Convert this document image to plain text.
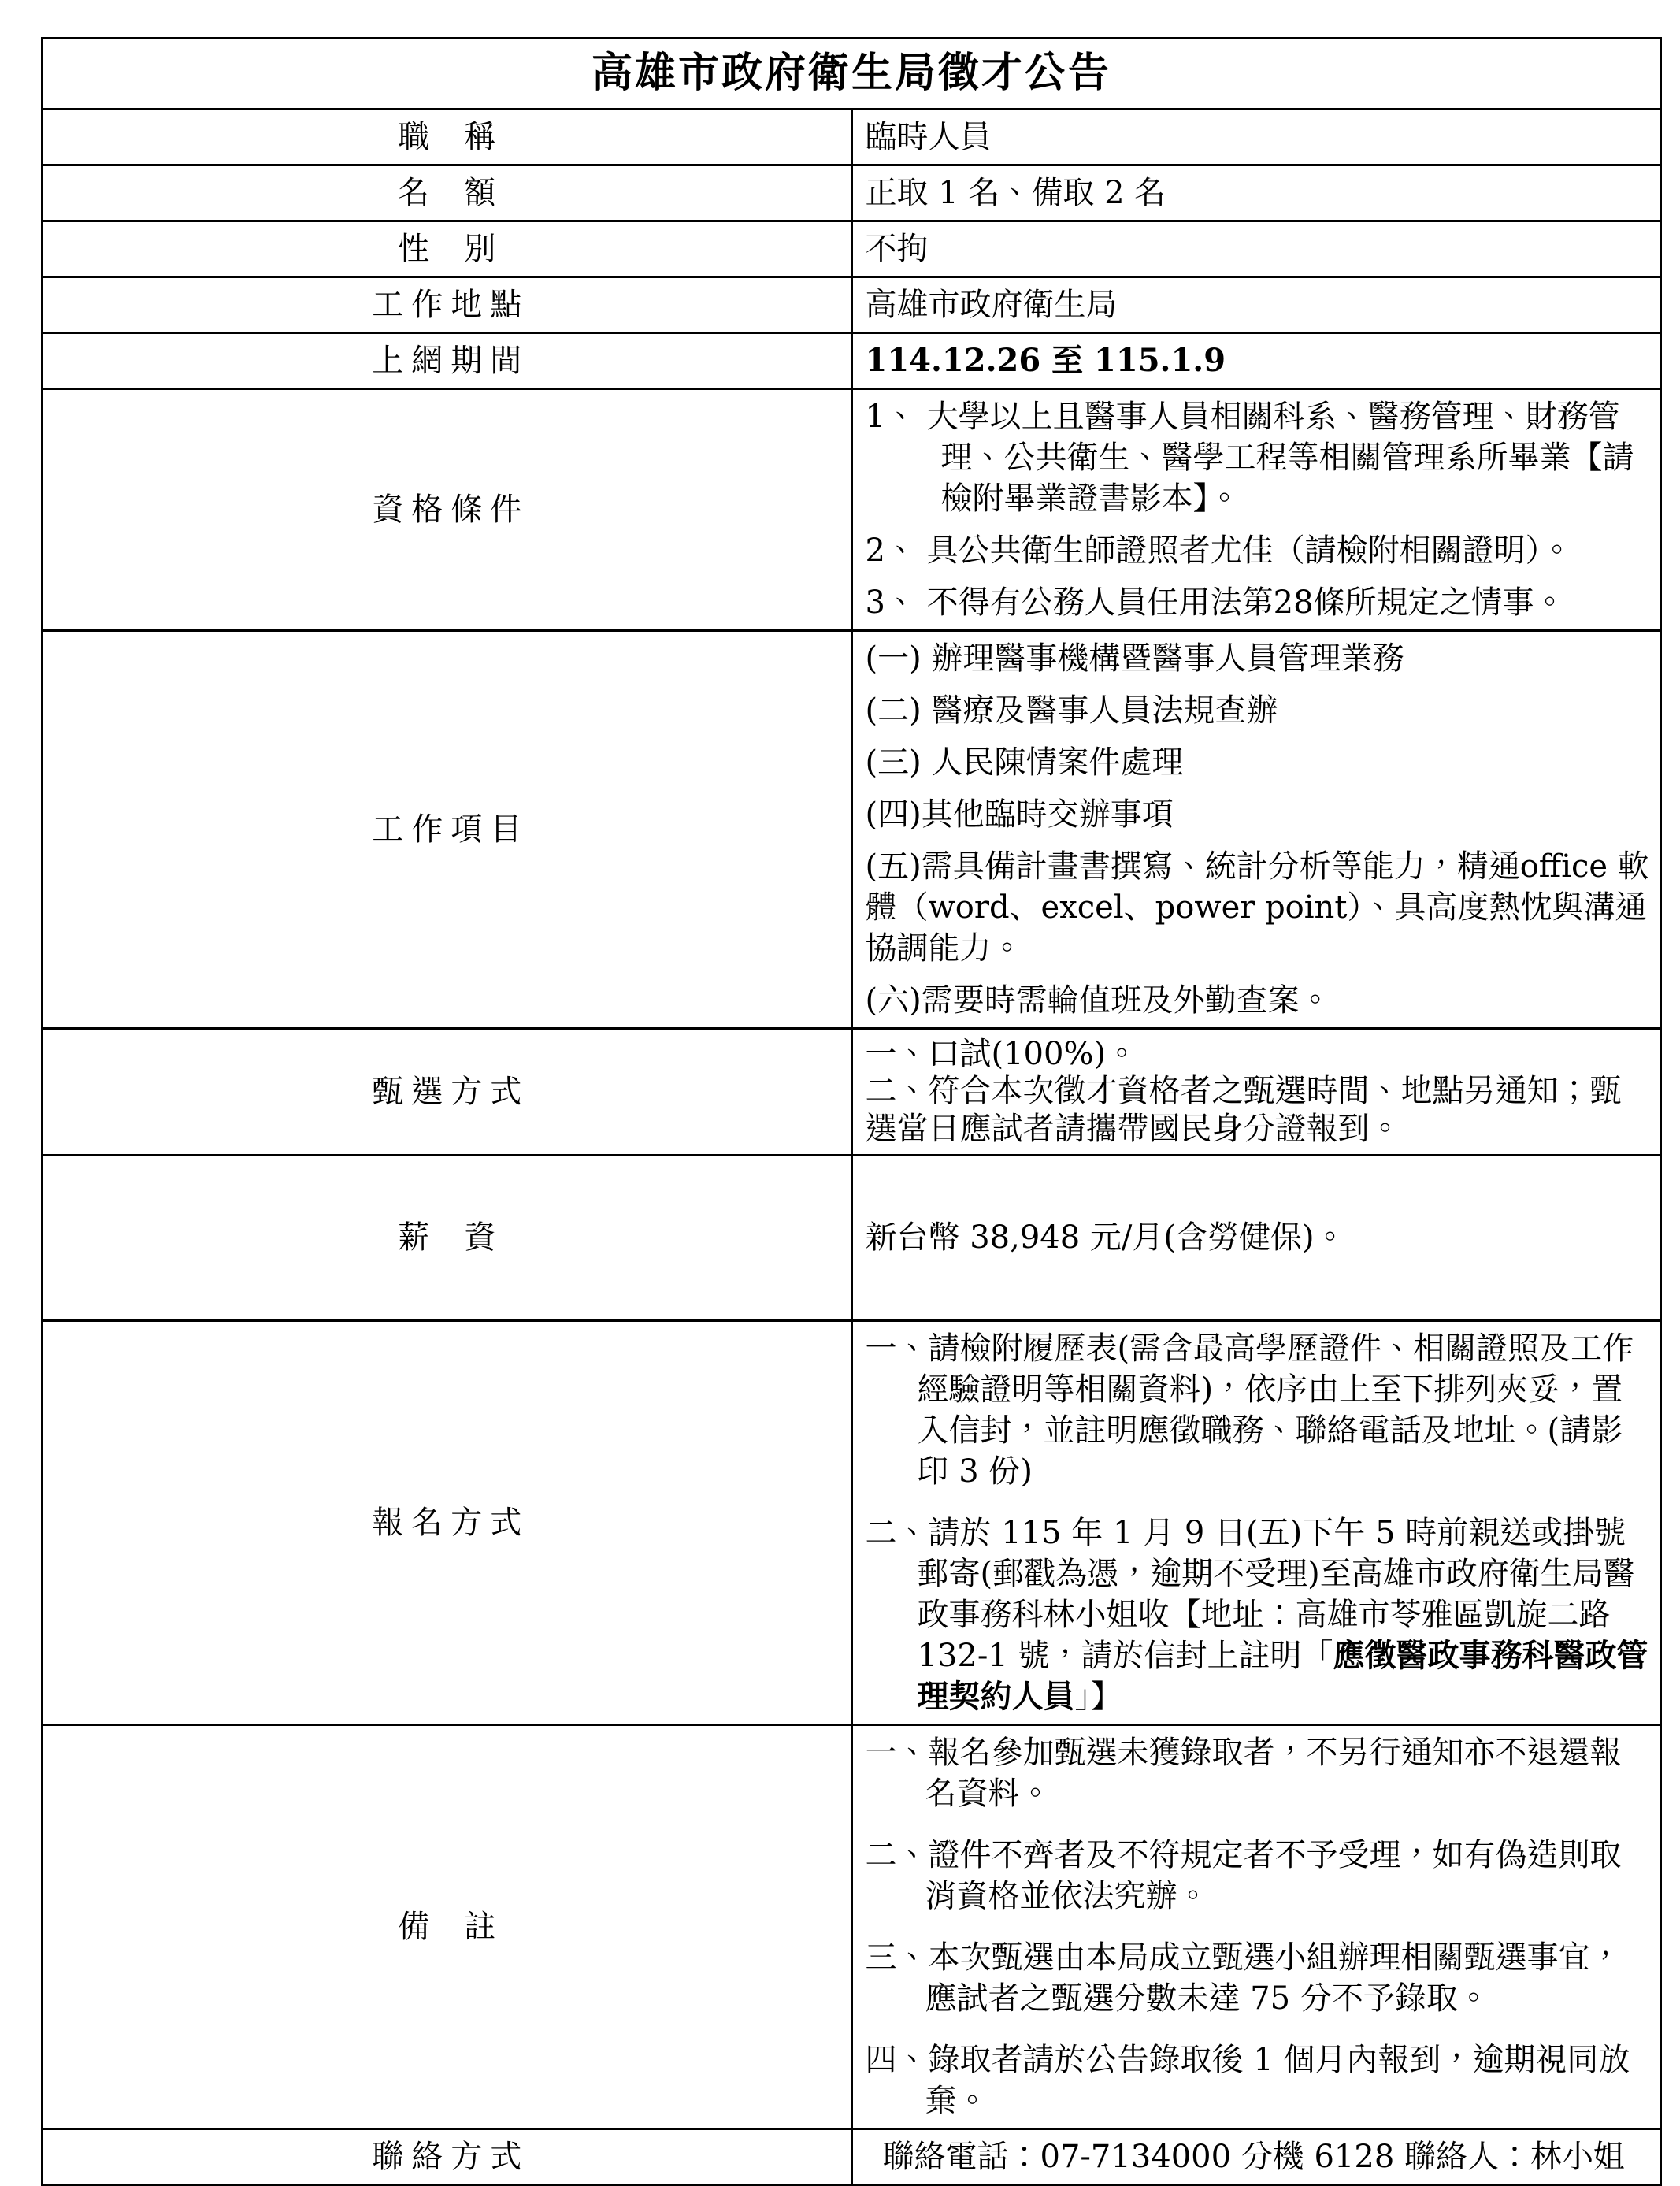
高雄市政府衛生局徵才公告	
職稱	臨時人員
名額	正取 1 名、備取 2 名
性別	不拘
工作地點	高雄市政府衛生局
上網期間	114.12.26 至 115.1.9
資格條件	1、 大學以上且醫事人員相關科系、醫務管理、財務管理、公共衛生、醫學工程等相關管理系所畢業【請檢附畢業證書影本】。
2、 具公共衛生師證照者尤佳（請檢附相關證明）。
3、 不得有公務人員任用法第28條所規定之情事。

工作項目	
(一) 辦理醫事機構暨醫事人員管理業務
(二) 醫療及醫事人員法規查辦
(三) 人民陳情案件處理
(四)其他臨時交辦事項
(五)需具備計畫書撰寫、統計分析等能力，精通office 軟體（word、excel、power point）、具高度熱忱與溝通協調能力。
(六)需要時需輪值班及外勤查案。

甄選方式	一、口試(100%)。
二、符合本次徵才資格者之甄選時間、地點另通知；甄選當日應試者請攜帶國民身分證報到。

薪資	新台幣 38,948 元/月(含勞健保)。
報名方式	一、請檢附履歷表(需含最高學歷證件、相關證照及工作經驗證明等相關資料)，依序由上至下排列夾妥，置入信封，並註明應徵職務、聯絡電話及地址。(請影印 3 份)
二、請於 115 年 1 月 9 日(五)下午 5 時前親送或掛號郵寄(郵戳為憑，逾期不受理)至高雄市政府衛生局醫政事務科林小姐收【地址：高雄市苓雅區凱旋二路 132-1 號，請於信封上註明「應徵醫政事務科醫政管理契約人員」】

備註	一、報名參加甄選未獲錄取者，不另行通知亦不退還報名資料。
二、證件不齊者及不符規定者不予受理，如有偽造則取消資格並依法究辦。
三、本次甄選由本局成立甄選小組辦理相關甄選事宜，應試者之甄選分數未達 75 分不予錄取。
四、錄取者請於公告錄取後 1 個月內報到，逾期視同放棄。

聯絡方式	聯絡電話：07-7134000 分機 6128 聯絡人：林小姐
